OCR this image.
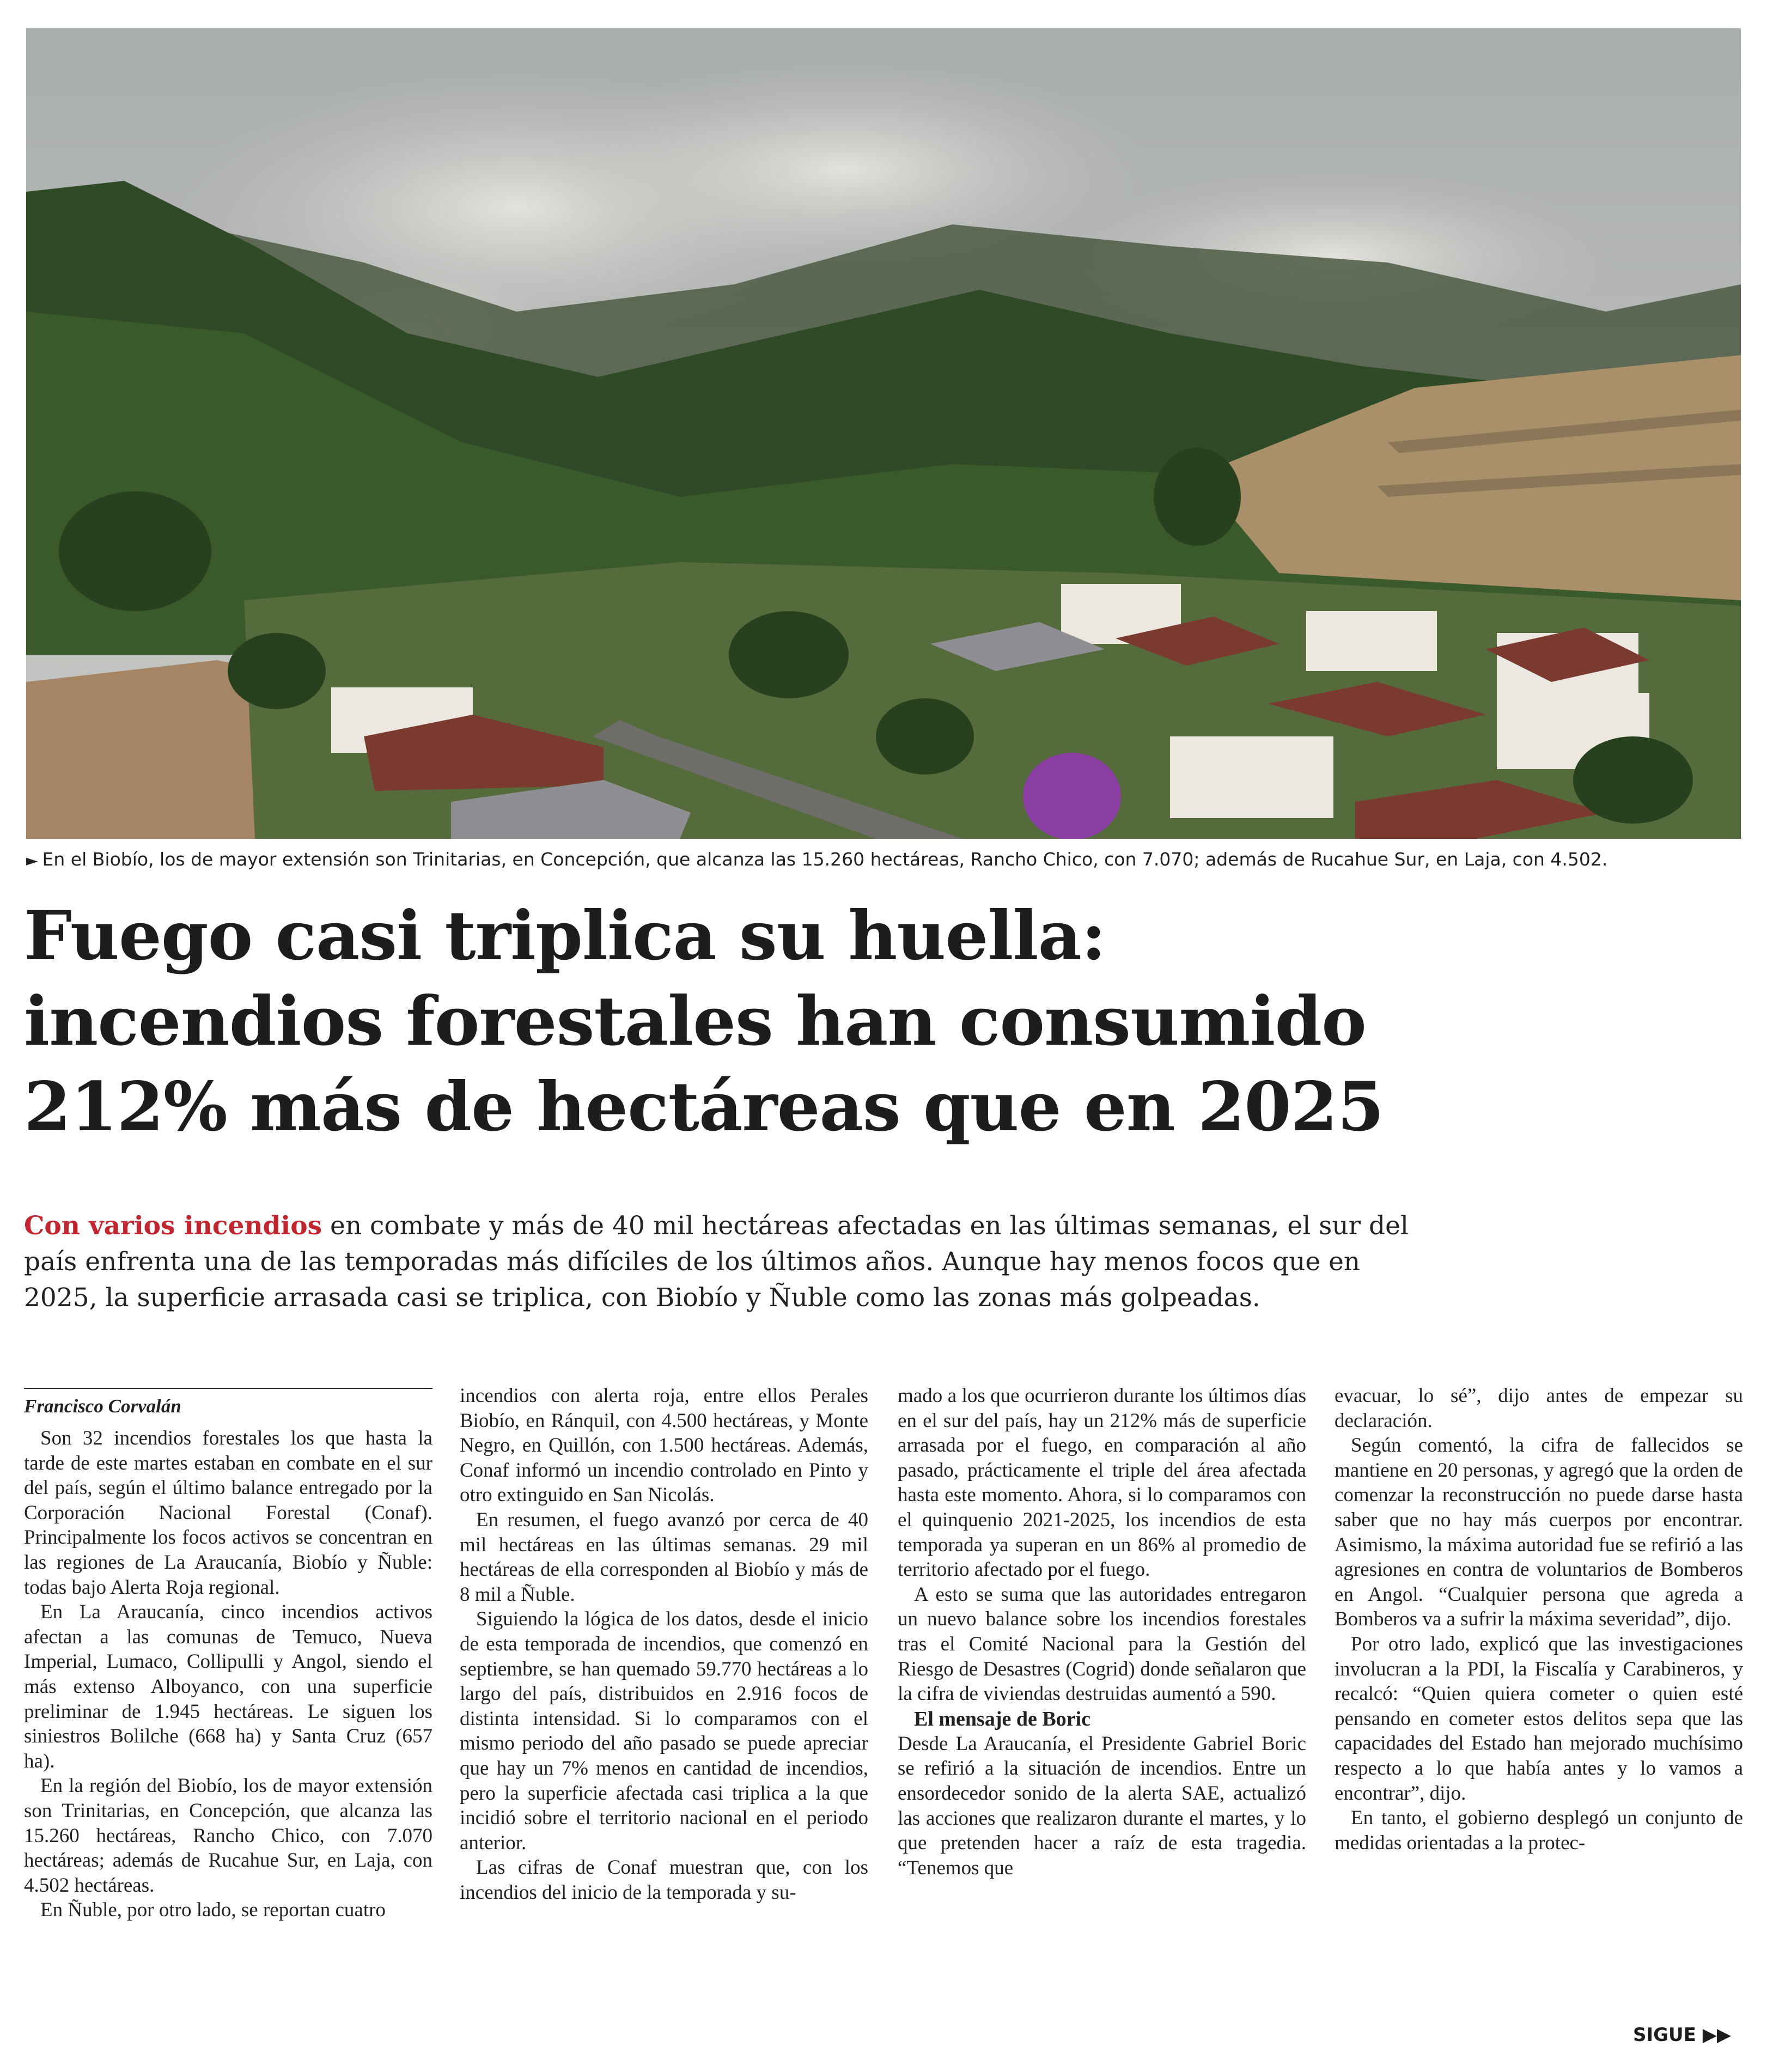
► En el Biobío, los de mayor extensión son Trinitarias, en Concepción, que alcanza las 15.260 hectáreas, Rancho Chico, con 7.070; además de Rucahue Sur, en Laja, con 4.502.
Fuego casi triplica su huella:
incendios forestales han consumido
212% más de hectáreas que en 2025

Con varios incendios en combate y más de 40 mil hectáreas afectadas en las últimas semanas, el sur del país enfrenta una de las temporadas más difíciles de los últimos años. Aunque hay menos focos que en 2025, la superficie arrasada casi se triplica, con Biobío y Ñuble como las zonas más golpeadas.

Francisco Corvalán

Son 32 incendios forestales los que hasta la tarde de este martes estaban en combate en el sur del país, según el último balance entregado por la Corporación Nacional Forestal (Conaf). Principalmente los focos activos se concentran en las regiones de La Araucanía, Biobío y Ñuble: todas bajo Alerta Roja regional.

En La Araucanía, cinco incendios activos afectan a las comunas de Temuco, Nueva Imperial, Lumaco, Collipulli y Angol, siendo el más extenso Alboyanco, con una superficie preliminar de 1.945 hectáreas. Le siguen los siniestros Bolilche (668 ha) y Santa Cruz (657 ha).

En la región del Biobío, los de mayor extensión son Trinitarias, en Concepción, que alcanza las 15.260 hectáreas, Rancho Chico, con 7.070 hectáreas; además de Rucahue Sur, en Laja, con 4.502 hectáreas.

En Ñuble, por otro lado, se reportan cuatro

incendios con alerta roja, entre ellos Perales Biobío, en Ránquil, con 4.500 hectáreas, y Monte Negro, en Quillón, con 1.500 hectáreas. Además, Conaf informó un incendio controlado en Pinto y otro extinguido en San Nicolás.

En resumen, el fuego avanzó por cerca de 40 mil hectáreas en las últimas semanas. 29 mil hectáreas de ella corresponden al Biobío y más de 8 mil a Ñuble.

Siguiendo la lógica de los datos, desde el inicio de esta temporada de incendios, que comenzó en septiembre, se han quemado 59.770 hectáreas a lo largo del país, distribuidos en 2.916 focos de distinta intensidad. Si lo comparamos con el mismo periodo del año pasado se puede apreciar que hay un 7% menos en cantidad de incendios, pero la superficie afectada casi triplica a la que incidió sobre el territorio nacional en el periodo anterior.

Las cifras de Conaf muestran que, con los incendios del inicio de la temporada y su-

mado a los que ocurrieron durante los últimos días en el sur del país, hay un 212% más de superficie arrasada por el fuego, en comparación al año pasado, prácticamente el triple del área afectada hasta este momento. Ahora, si lo comparamos con el quinquenio 2021-2025, los incendios de esta temporada ya superan en un 86% al promedio de territorio afectado por el fuego.

A esto se suma que las autoridades entregaron un nuevo balance sobre los incendios forestales tras el Comité Nacional para la Gestión del Riesgo de Desastres (Cogrid) donde señalaron que la cifra de viviendas destruidas aumentó a 590.

El mensaje de Boric

Desde La Araucanía, el Presidente Gabriel Boric se refirió a la situación de incendios. Entre un ensordecedor sonido de la alerta SAE, actualizó las acciones que realizaron durante el martes, y lo que pretenden hacer a raíz de esta tragedia. “Tenemos que

evacuar, lo sé”, dijo antes de empezar su declaración.

Según comentó, la cifra de fallecidos se mantiene en 20 personas, y agregó que la orden de comenzar la reconstrucción no puede darse hasta saber que no hay más cuerpos por encontrar. Asimismo, la máxima autoridad fue se refirió a las agresiones en contra de voluntarios de Bomberos en Angol. “Cualquier persona que agreda a Bomberos va a sufrir la máxima severidad”, dijo.

Por otro lado, explicó que las investigaciones involucran a la PDI, la Fiscalía y Carabineros, y recalcó: “Quien quiera cometer o quien esté pensando en cometer estos delitos sepa que las capacidades del Estado han mejorado muchísimo respecto a lo que había antes y lo vamos a encontrar”, dijo.

En tanto, el gobierno desplegó un conjunto de medidas orientadas a la protec-

SIGUE ▶▶
